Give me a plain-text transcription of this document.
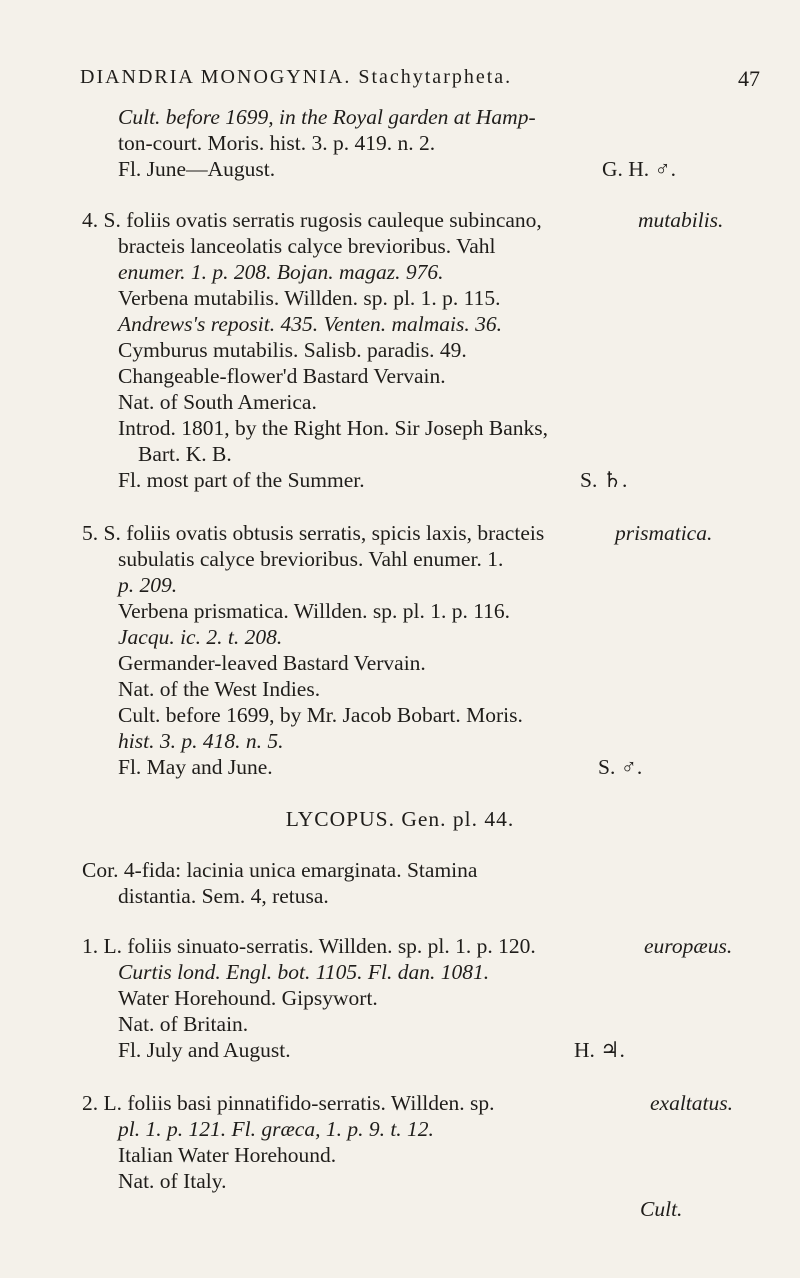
DIANDRIA MONOGYNIA. Stachytarpheta.	47
Cult. before 1699, in the Royal garden at Hamp-
ton-court. Moris. hist. 3. p. 419. n. 2.
Fl. June—August.	G. H. ♂.
4. S. foliis ovatis serratis rugosis cauleque subincano,	mutabilis.
bracteis lanceolatis calyce brevioribus. Vahl
enumer. 1. p. 208. Bojan. magaz. 976.
Verbena mutabilis. Willden. sp. pl. 1. p. 115.
Andrews's reposit. 435. Venten. malmais. 36.
Cymburus mutabilis. Salisb. paradis. 49.
Changeable-flower'd Bastard Vervain.
Nat. of South America.
Introd. 1801, by the Right Hon. Sir Joseph Banks,
Bart. K. B.
Fl. most part of the Summer.	S. ♄.
5. S. foliis ovatis obtusis serratis, spicis laxis, bracteis	prismatica.
subulatis calyce brevioribus. Vahl enumer. 1.
p. 209.
Verbena prismatica. Willden. sp. pl. 1. p. 116.
Jacqu. ic. 2. t. 208.
Germander-leaved Bastard Vervain.
Nat. of the West Indies.
Cult. before 1699, by Mr. Jacob Bobart. Moris.
hist. 3. p. 418. n. 5.
Fl. May and June.	S. ♂.
LYCOPUS. Gen. pl. 44.
Cor. 4-fida: lacinia unica emarginata. Stamina
distantia. Sem. 4, retusa.
1. L. foliis sinuato-serratis. Willden. sp. pl. 1. p. 120.	europæus.
Curtis lond. Engl. bot. 1105. Fl. dan. 1081.
Water Horehound. Gipsywort.
Nat. of Britain.
Fl. July and August.	H. ♃.
2. L. foliis basi pinnatifido-serratis. Willden. sp.	exaltatus.
pl. 1. p. 121. Fl. græca, 1. p. 9. t. 12.
Italian Water Horehound.
Nat. of Italy.
Cult.
